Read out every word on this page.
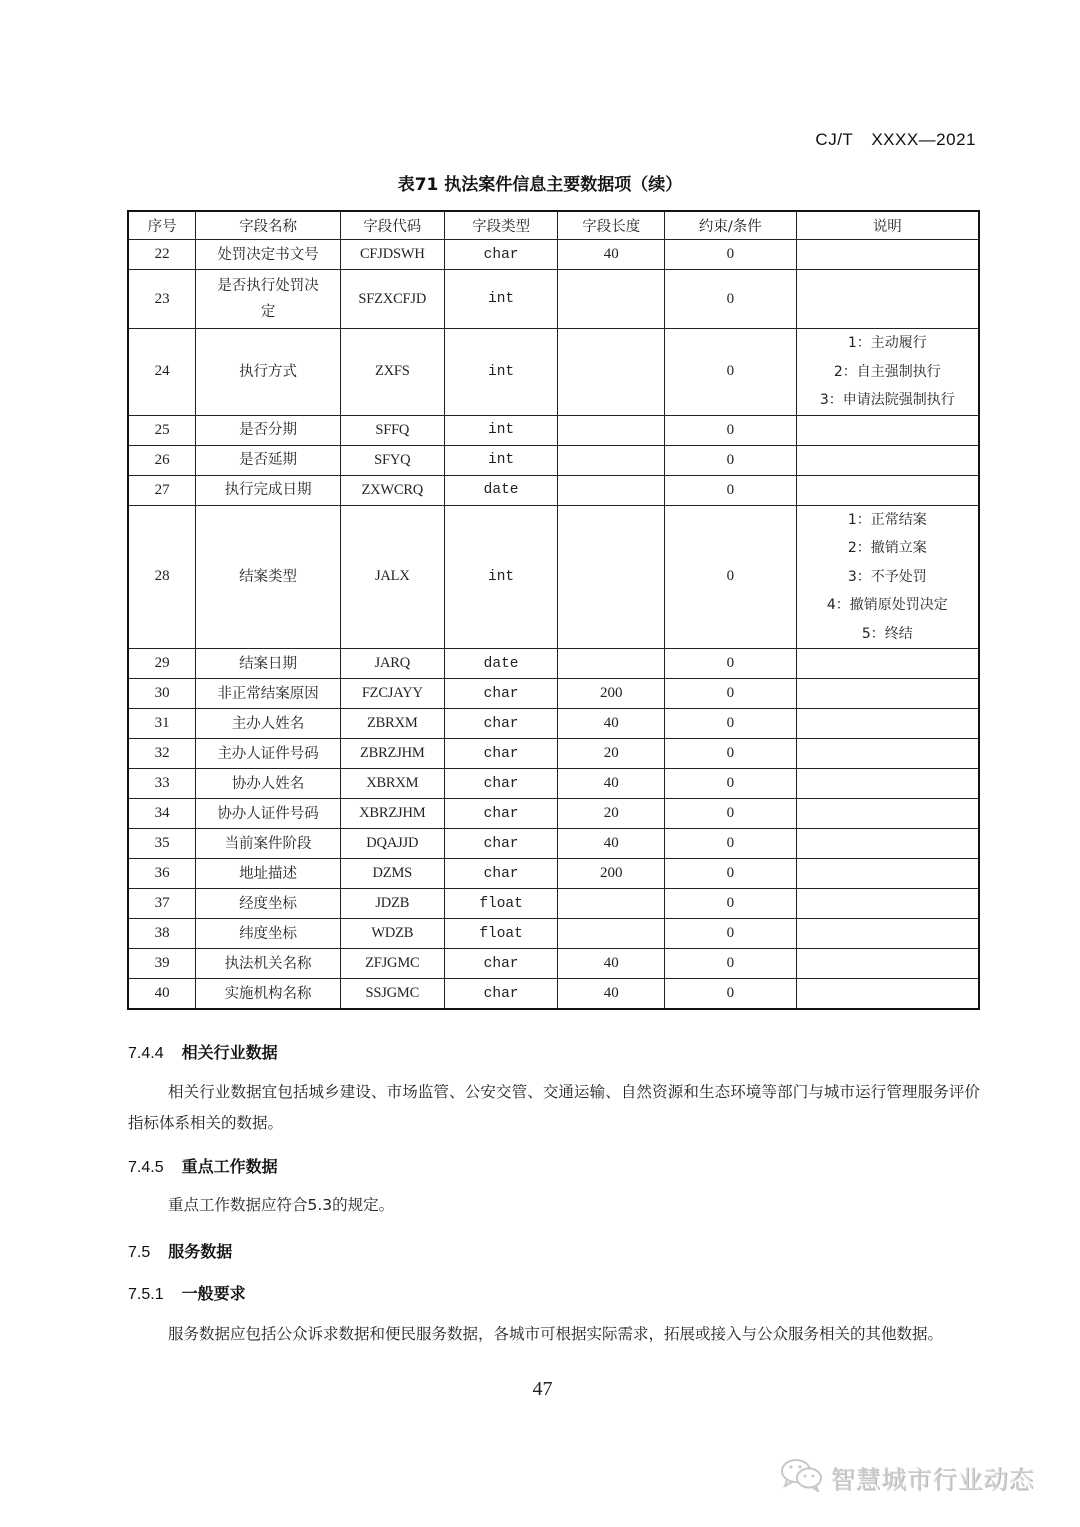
CJ/T XXXX—2021
表71 执法案件信息主要数据项（续）
序号	字段名称	字段代码	字段类型	字段长度	约束/条件	说明
22	处罚决定书文号	CFJDSWH	char	40	0	
23	是否执行处罚决定	SFZXCFJD	int		0	
24	执行方式	ZXFS	int		0	1：主动履行
2：自主强制执行
3：申请法院强制执行

25	是否分期	SFFQ	int		0	
26	是否延期	SFYQ	int		0	
27	执行完成日期	ZXWCRQ	date		0	
28	结案类型	JALX	int		0	1：正常结案
2：撤销立案
3：不予处罚
4：撤销原处罚决定
5：终结

29	结案日期	JARQ	date		0	
30	非正常结案原因	FZCJAYY	char	200	0	
31	主办人姓名	ZBRXM	char	40	0	
32	主办人证件号码	ZBRZJHM	char	20	0	
33	协办人姓名	XBRXM	char	40	0	
34	协办人证件号码	XBRZJHM	char	20	0	
35	当前案件阶段	DQAJJD	char	40	0	
36	地址描述	DZMS	char	200	0	
37	经度坐标	JDZB	float		0	
38	纬度坐标	WDZB	float		0	
39	执法机关名称	ZFJGMC	char	40	0	
40	实施机构名称	SSJGMC	char	40	0	
7.4.4 相关行业数据
相关行业数据宜包括城乡建设、市场监管、公安交管、交通运输、自然资源和生态环境等部门与城市运行管理服务评价指标体系相关的数据。
7.4.5 重点工作数据
重点工作数据应符合5.3的规定。
7.5 服务数据
7.5.1 一般要求
服务数据应包括公众诉求数据和便民服务数据，各城市可根据实际需求，拓展或接入与公众服务相关的其他数据。
47
智慧城市行业动态
